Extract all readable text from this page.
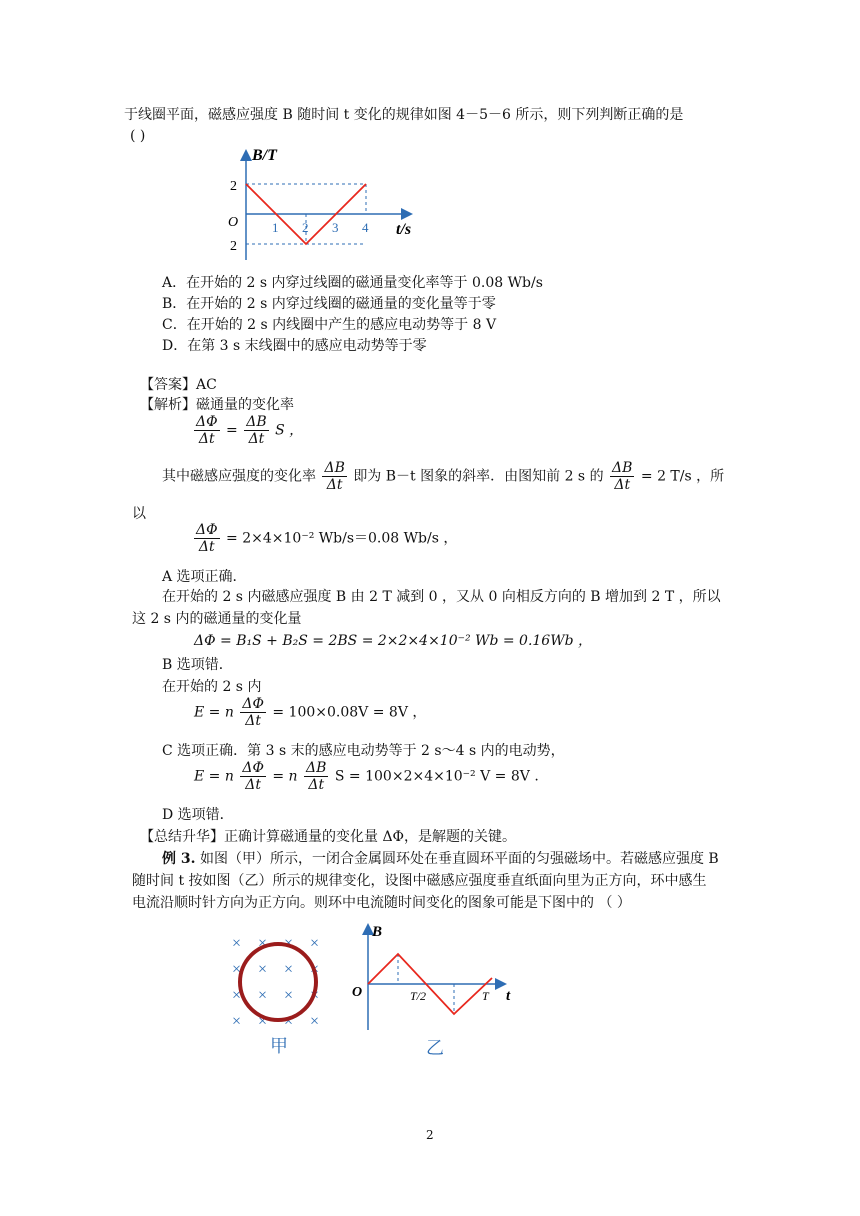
于线圈平面，磁感应强度 B 随时间 t 变化的规律如图 4－5－6 所示，则下列判断正确的是
( )
B/T
2
O
2
1 2 3 4 t/s
A．在开始的 2 s 内穿过线圈的磁通量变化率等于 0.08 Wb/s
B．在开始的 2 s 内穿过线圈的磁通量的变化量等于零
C．在开始的 2 s 内线圈中产生的感应电动势等于 8 V
D．在第 3 s 末线圈中的感应电动势等于零
【答案】AC
【解析】磁通量的变化率
$\frac{\Delta\Phi}{\Delta t} = \frac{\Delta B}{\Delta t}$ S ，
其中磁感应强度的变化率 $\frac{\Delta B}{\Delta t}$ 即为 B－t 图象的斜率．由图知前 2 s 的 $\frac{\Delta B}{\Delta t} = 2$ T/s ，所
以
$\frac{\Delta\Phi}{\Delta t} = 2\times 4\times 10^{-2}$ Wb/s＝0.08 Wb/s ，
A 选项正确．
在开始的 2 s 内磁感应强度 B 由 2 T 减到 0 ，又从 0 向相反方向的 B 增加到 2 T ，所以
这 2 s 内的磁通量的变化量
ΔΦ = B₁S + B₂S = 2BS = 2×2×4×10⁻² Wb = 0.16Wb ，
B 选项错．
在开始的 2 s 内
E = n $\frac{\Delta\Phi}{\Delta t} = 100\times 0.08V = 8V$ ，
C 选项正确．第 3 s 末的感应电动势等于 2 s～4 s 内的电动势，
E = n $\frac{\Delta\Phi}{\Delta t} = n \frac{\Delta B}{\Delta t}$ S = 100×2×4×10⁻² V = 8V .
D 选项错．
【总结升华】正确计算磁通量的变化量 ΔΦ，是解题的关键。
例 3. 如图（甲）所示，一闭合金属圆环处在垂直圆环平面的匀强磁场中。若磁感应强度 B
随时间 t 按如图（乙）所示的规律变化，设图中磁感应强度垂直纸面向里为正方向，环中感生
电流沿顺时针方向为正方向。则环中电流随时间变化的图象可能是下图中的 （ ）
× × × ×
× × × ×
× × × ×
× × × ×
甲
B
O	T/2	T t
乙
2
